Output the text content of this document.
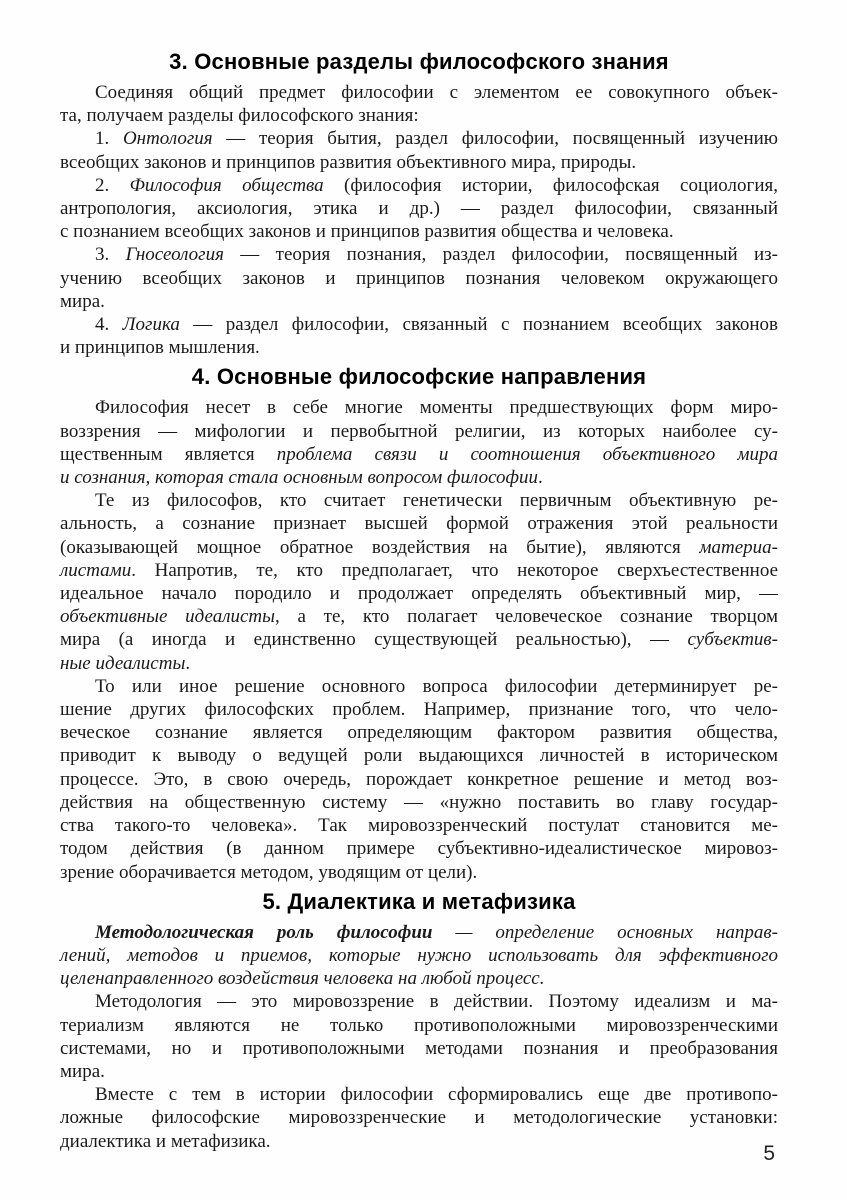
3. Основные разделы философского знания
Соединяя общий предмет философии с элементом ее совокупного объек-
та, получаем разделы философского знания:
1. Онтология — теория бытия, раздел философии, посвященный изучению
всеобщих законов и принципов развития объективного мира, природы.
2. Философия общества (философия истории, философская социология,
антропология, аксиология, этика и др.) — раздел философии, связанный
с познанием всеобщих законов и принципов развития общества и человека.
3. Гносеология — теория познания, раздел философии, посвященный из-
учению всеобщих законов и принципов познания человеком окружающего
мира.
4. Логика — раздел философии, связанный с познанием всеобщих законов
и принципов мышления.
4. Основные философские направления
Философия несет в себе многие моменты предшествующих форм миро-
воззрения — мифологии и первобытной религии, из которых наиболее су-
щественным является проблема связи и соотношения объективного мира
и сознания, которая стала основным вопросом философии.
Те из философов, кто считает генетически первичным объективную ре-
альность, а сознание признает высшей формой отражения этой реальности
(оказывающей мощное обратное воздействия на бытие), являются материа-
листами. Напротив, те, кто предполагает, что некоторое сверхъестественное
идеальное начало породило и продолжает определять объективный мир, —
объективные идеалисты, а те, кто полагает человеческое сознание творцом
мира (а иногда и единственно существующей реальностью), — субъектив-
ные идеалисты.
То или иное решение основного вопроса философии детерминирует ре-
шение других философских проблем. Например, признание того, что чело-
веческое сознание является определяющим фактором развития общества,
приводит к выводу о ведущей роли выдающихся личностей в историческом
процессе. Это, в свою очередь, порождает конкретное решение и метод воз-
действия на общественную систему — «нужно поставить во главу государ-
ства такого-то человека». Так мировоззренческий постулат становится ме-
тодом действия (в данном примере субъективно-идеалистическое мировоз-
зрение оборачивается методом, уводящим от цели).
5. Диалектика и метафизика
Методологическая роль философии — определение основных направ-
лений, методов и приемов, которые нужно использовать для эффективного
целенаправленного воздействия человека на любой процесс.
Методология — это мировоззрение в действии. Поэтому идеализм и ма-
териализм являются не только противоположными мировоззренческими
системами, но и противоположными методами познания и преобразования
мира.
Вместе с тем в истории философии сформировались еще две противопо-
ложные философские мировоззренческие и методологические установки:
диалектика и метафизика.
5
